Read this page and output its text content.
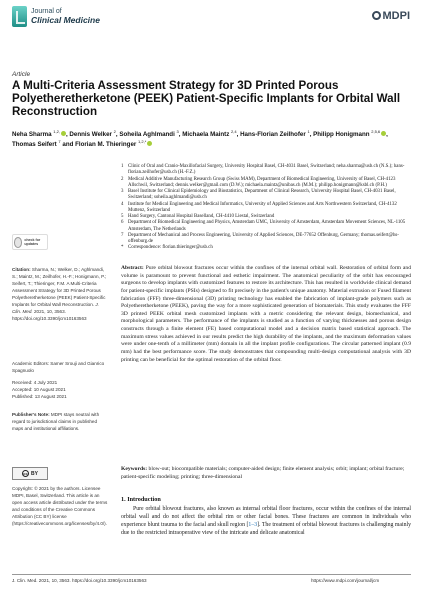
Journal of
Clinical Medicine	MDPI
Article
A Multi-Criteria Assessment Strategy for 3D Printed Porous Polyetheretherketone (PEEK) Patient-Specific Implants for Orbital Wall Reconstruction
Neha Sharma $^{1,2,}$ , Dennis Welker $^2$, Soheila Aghlmandi $^3$, Michaela Maintz $^{2,4}$, Hans-Florian Zeilhofer $^1$, Philipp Honigmann $^{2,5,6}$ , Thomas Seifert $^7$ and Florian M. Thieringer $^{1,2,*}$
1 Clinic of Oral and Cranio-Maxillofacial Surgery, University Hospital Basel, CH-4031 Basel, Switzerland; neha.sharma@usb.ch (N.S.); hans-florian.zeilhofer@usb.ch (H.-F.Z.)
2 Medical Additive Manufacturing Research Group (Swiss MAM), Department of Biomedical Engineering, University of Basel, CH-4123 Allschwil, Switzerland; dennis.welker@gmail.com (D.W.); michaela.maintz@unibas.ch (M.M.); philipp.honigmann@ksbl.ch (P.H.)
3 Basel Institute for Clinical Epidemiology and Biostatistics, Department of Clinical Research, University Hospital Basel, CH-4031 Basel, Switzerland; soheila.aghlmandi@usb.ch
4 Institute for Medical Engineering and Medical Informatics, University of Applied Sciences and Arts Northwestern Switzerland, CH-4132 Muttenz, Switzerland
5 Hand Surgery, Cantonal Hospital Baselland, CH-4410 Liestal, Switzerland
6 Department of Biomedical Engineering and Physics, Amsterdam UMC, University of Amsterdam, Amsterdam Movement Sciences, NL-1105 Amsterdam, The Netherlands
7 Department of Mechanical and Process Engineering, University of Applied Sciences, DE-77652 Offenburg, Germany; thomas.seifert@hs-offenburg.de
* Correspondence: florian.thieringer@usb.ch
check for updates
Citation: Sharma, N.; Welker, D.; Aghlmandi, S.; Maintz, M.; Zeilhofer, H.-F.; Honigmann, P.; Seifert, T.; Thieringer, F.M. A Multi-Criteria Assessment Strategy for 3D Printed Porous Polyetheretherketone (PEEK) Patient-Specific Implants for Orbital Wall Reconstruction. J. Clin. Med. 2021, 10, 3563. https://doi.org/10.3390/jcm10163563
Academic Editors: Samer Srouji and Gianrico Spagnuolo
Received: 4 July 2021
Accepted: 10 August 2021
Published: 13 August 2021
Publisher's Note: MDPI stays neutral with regard to jurisdictional claims in published maps and institutional affiliations.
cc BY
Copyright: © 2021 by the authors. Licensee MDPI, Basel, Switzerland. This article is an open access article distributed under the terms and conditions of the Creative Commons Attribution (CC BY) license (https://creativecommons.org/licenses/by/4.0/).
Abstract: Pure orbital blowout fractures occur within the confines of the internal orbital wall. Restoration of orbital form and volume is paramount to prevent functional and esthetic impairment. The anatomical peculiarity of the orbit has encouraged surgeons to develop implants with customized features to restore its architecture. This has resulted in worldwide clinical demand for patient-specific implants (PSIs) designed to fit precisely in the patient's unique anatomy. Material extrusion or Fused filament fabrication (FFF) three-dimensional (3D) printing technology has enabled the fabrication of implant-grade polymers such as Polyetheretherketone (PEEK), paving the way for a more sophisticated generation of biomaterials. This study evaluates the FFF 3D printed PEEK orbital mesh customized implants with a metric considering the relevant design, biomechanical, and morphological parameters. The performance of the implants is studied as a function of varying thicknesses and porous design constructs through a finite element (FE) based computational model and a decision matrix based statistical approach. The maximum stress values achieved in our results predict the high durability of the implants, and the maximum deformation values were under one-tenth of a millimeter (mm) domain in all the implant profile configurations. The circular patterned implant (0.9 mm) had the best performance score. The study demonstrates that compounding multi-design computational analysis with 3D printing can be beneficial for the optimal restoration of the orbital floor.
Keywords: blow-out; biocompatible materials; computer-aided design; finite element analysis; orbit; implant; orbital fracture; patient-specific modeling; printing; three-dimensional
1. Introduction
Pure orbital blowout fractures, also known as internal orbital floor fractures, occur within the confines of the internal orbital wall and do not affect the orbital rim or other facial bones. These fractures are common in individuals who experience blunt trauma to the facial and skull region [1–3]. The treatment of orbital blowout fractures is challenging mainly due to the restricted intraoperative view of the intricate and delicate anatomical
J. Clin. Med. 2021, 10, 3563. https://doi.org/10.3390/jcm10163563	https://www.mdpi.com/journal/jcm
